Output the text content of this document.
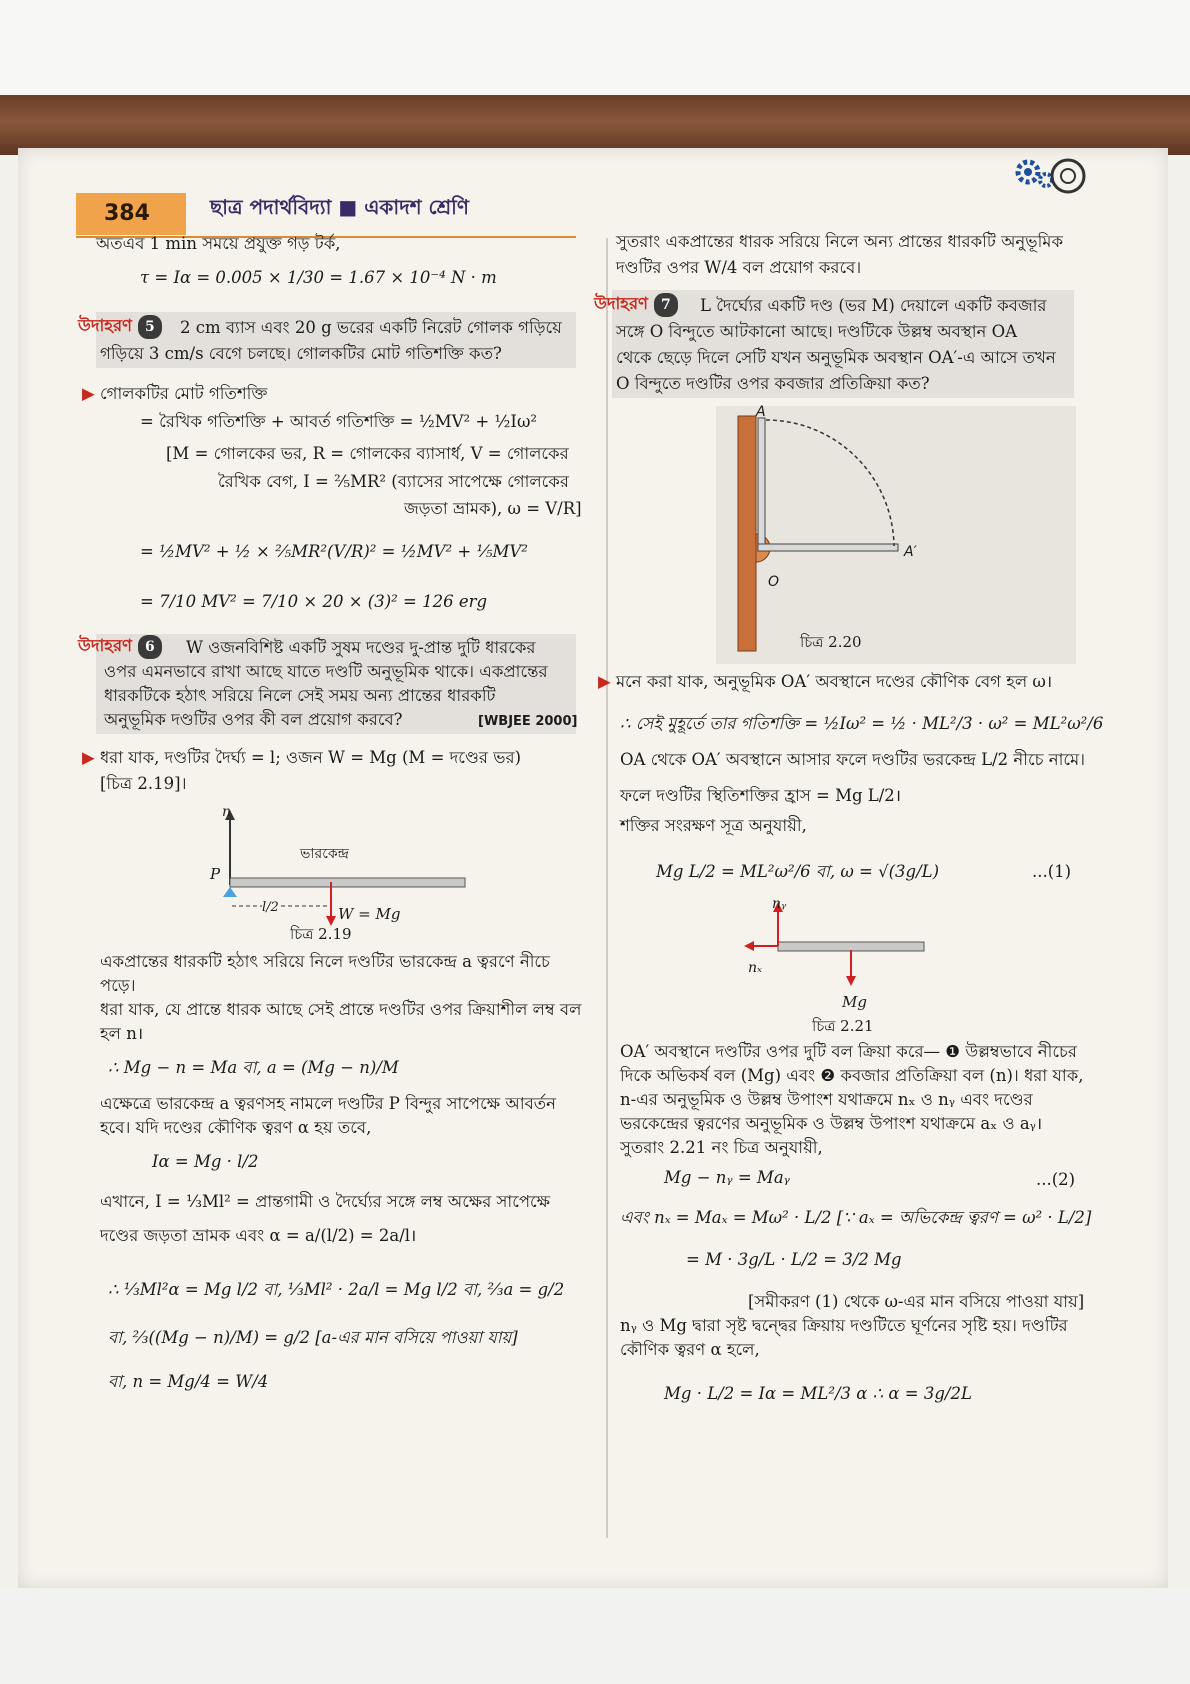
384	ছাত্র পদার্থবিদ্যা ■ একাদশ শ্রেণি
অতএব 1 min সময়ে প্রযুক্ত গড় টর্ক,
τ = Iα = 0.005 × 1/30 = 1.67 × 10⁻⁴ N · m
উদাহরণ 5	2 cm ব্যাস এবং 20 g ভরের একটি নিরেট গোলক গড়িয়ে
গড়িয়ে 3 cm/s বেগে চলছে। গোলকটির মোট গতিশক্তি কত?
▶ গোলকটির মোট গতিশক্তি
= রৈখিক গতিশক্তি + আবর্ত গতিশক্তি = ½MV² + ½Iω²
[M = গোলকের ভর, R = গোলকের ব্যাসার্ধ, V = গোলকের
রৈখিক বেগ, I = ⅖MR² (ব্যাসের সাপেক্ষে গোলকের
জড়তা ভ্রামক), ω = V/R]
= ½MV² + ½ × ⅖MR²(V/R)² = ½MV² + ⅕MV²
= 7/10 MV² = 7/10 × 20 × (3)² = 126 erg
উদাহরণ 6	W ওজনবিশিষ্ট একটি সুষম দণ্ডের দু-প্রান্ত দুটি ধারকের
ওপর এমনভাবে রাখা আছে যাতে দণ্ডটি অনুভূমিক থাকে। একপ্রান্তের
ধারকটিকে হঠাৎ সরিয়ে নিলে সেই সময় অন্য প্রান্তের ধারকটি
অনুভূমিক দণ্ডটির ওপর কী বল প্রয়োগ করবে?	[WBJEE 2000]
▶ ধরা যাক, দণ্ডটির দৈর্ঘ্য = l; ওজন W = Mg (M = দণ্ডের ভর)
[চিত্র 2.19]।
n
P
ভারকেন্দ্র
l/2	W = Mg
চিত্র 2.19
একপ্রান্তের ধারকটি হঠাৎ সরিয়ে নিলে দণ্ডটির ভারকেন্দ্র a ত্বরণে নীচে
পড়ে।
ধরা যাক, যে প্রান্তে ধারক আছে সেই প্রান্তে দণ্ডটির ওপর ক্রিয়াশীল লম্ব বল
হল n।
∴ Mg − n = Ma বা, a = (Mg − n)/M
এক্ষেত্রে ভারকেন্দ্র a ত্বরণসহ নামলে দণ্ডটির P বিন্দুর সাপেক্ষে আবর্তন
হবে। যদি দণ্ডের কৌণিক ত্বরণ α হয় তবে,
Iα = Mg · l/2
এখানে, I = ⅓Ml² = প্রান্তগামী ও দৈর্ঘ্যের সঙ্গে লম্ব অক্ষের সাপেক্ষে
দণ্ডের জড়তা ভ্রামক এবং α = a/(l/2) = 2a/l।
∴ ⅓Ml²α = Mg l/2 বা, ⅓Ml² · 2a/l = Mg l/2 বা, ⅔a = g/2
বা, ⅔((Mg − n)/M) = g/2 [a-এর মান বসিয়ে পাওয়া যায়]
বা, n = Mg/4 = W/4
সুতরাং একপ্রান্তের ধারক সরিয়ে নিলে অন্য প্রান্তের ধারকটি অনুভূমিক
দণ্ডটির ওপর W/4 বল প্রয়োগ করবে।
উদাহরণ 7	L দৈর্ঘ্যের একটি দণ্ড (ভর M) দেয়ালে একটি কবজার
সঙ্গে O বিন্দুতে আটকানো আছে। দণ্ডটিকে উল্লম্ব অবস্থান OA
থেকে ছেড়ে দিলে সেটি যখন অনুভূমিক অবস্থান OA′-এ আসে তখন
O বিন্দুতে দণ্ডটির ওপর কবজার প্রতিক্রিয়া কত?
A
A′
O
চিত্র 2.20
▶ মনে করা যাক, অনুভূমিক OA′ অবস্থানে দণ্ডের কৌণিক বেগ হল ω।
∴ সেই মুহূর্তে তার গতিশক্তি = ½Iω² = ½ · ML²/3 · ω² = ML²ω²/6
OA থেকে OA′ অবস্থানে আসার ফলে দণ্ডটির ভরকেন্দ্র L/2 নীচে নামে।
ফলে দণ্ডটির স্থিতিশক্তির হ্রাস = Mg L/2।
শক্তির সংরক্ষণ সূত্র অনুযায়ী,
Mg L/2 = ML²ω²/6 বা, ω = √(3g/L)	...(1)
nᵧ
nₓ
Mg
চিত্র 2.21
OA′ অবস্থানে দণ্ডটির ওপর দুটি বল ক্রিয়া করে— ❶ উল্লম্বভাবে নীচের
দিকে অভিকর্ষ বল (Mg) এবং ❷ কবজার প্রতিক্রিয়া বল (n)। ধরা যাক,
n-এর অনুভূমিক ও উল্লম্ব উপাংশ যথাক্রমে nₓ ও nᵧ এবং দণ্ডের
ভরকেন্দ্রের ত্বরণের অনুভূমিক ও উল্লম্ব উপাংশ যথাক্রমে aₓ ও aᵧ।
সুতরাং 2.21 নং চিত্র অনুযায়ী,
Mg − nᵧ = Maᵧ	...(2)
এবং nₓ = Maₓ = Mω² · L/2 [∵ aₓ = অভিকেন্দ্র ত্বরণ = ω² · L/2]
= M · 3g/L · L/2 = 3/2 Mg
[সমীকরণ (1) থেকে ω-এর মান বসিয়ে পাওয়া যায়]
nᵧ ও Mg দ্বারা সৃষ্ট দ্বন্দ্বের ক্রিয়ায় দণ্ডটিতে ঘূর্ণনের সৃষ্টি হয়। দণ্ডটির
কৌণিক ত্বরণ α হলে,
Mg · L/2 = Iα = ML²/3 α ∴ α = 3g/2L
